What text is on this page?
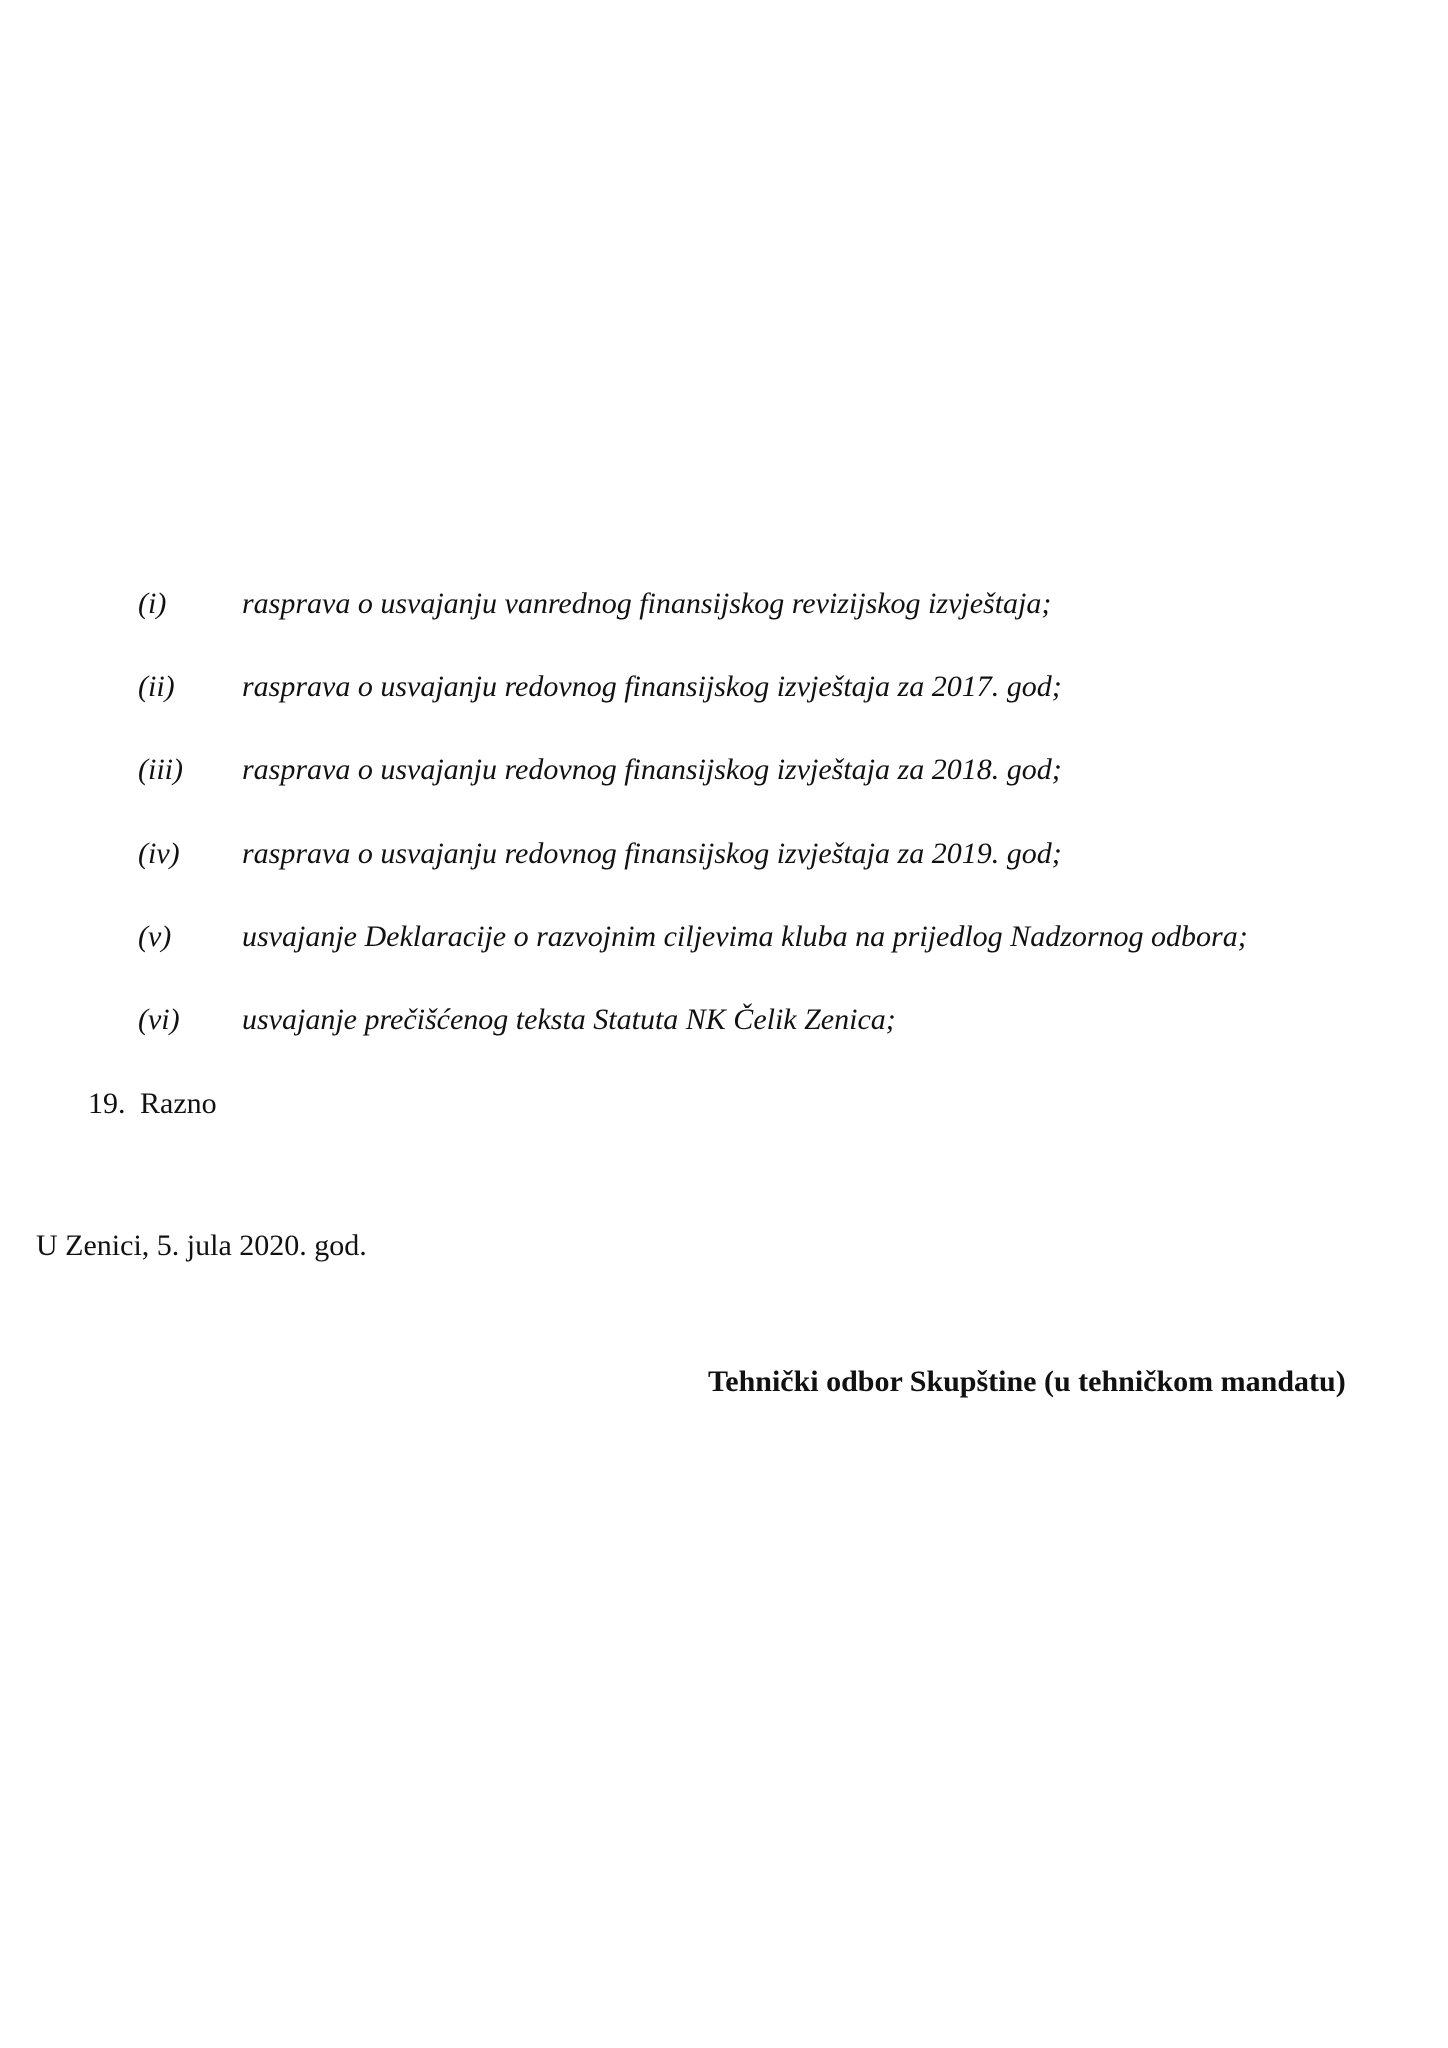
(i)	rasprava o usvajanju vanrednog finansijskog revizijskog izvještaja;
(ii) rasprava o usvajanju redovnog finansijskog izvještaja za 2017. god;
(iii) rasprava o usvajanju redovnog finansijskog izvještaja za 2018. god;
(iv) rasprava o usvajanju redovnog finansijskog izvještaja za 2019. god;
(v) usvajanje Deklaracije o razvojnim ciljevima kluba na prijedlog Nadzornog odbora;
(vi) usvajanje prečišćenog teksta Statuta NK Čelik Zenica;
19. Razno
U Zenici, 5. jula 2020. god.
Tehnički odbor Skupštine (u tehničkom mandatu)
